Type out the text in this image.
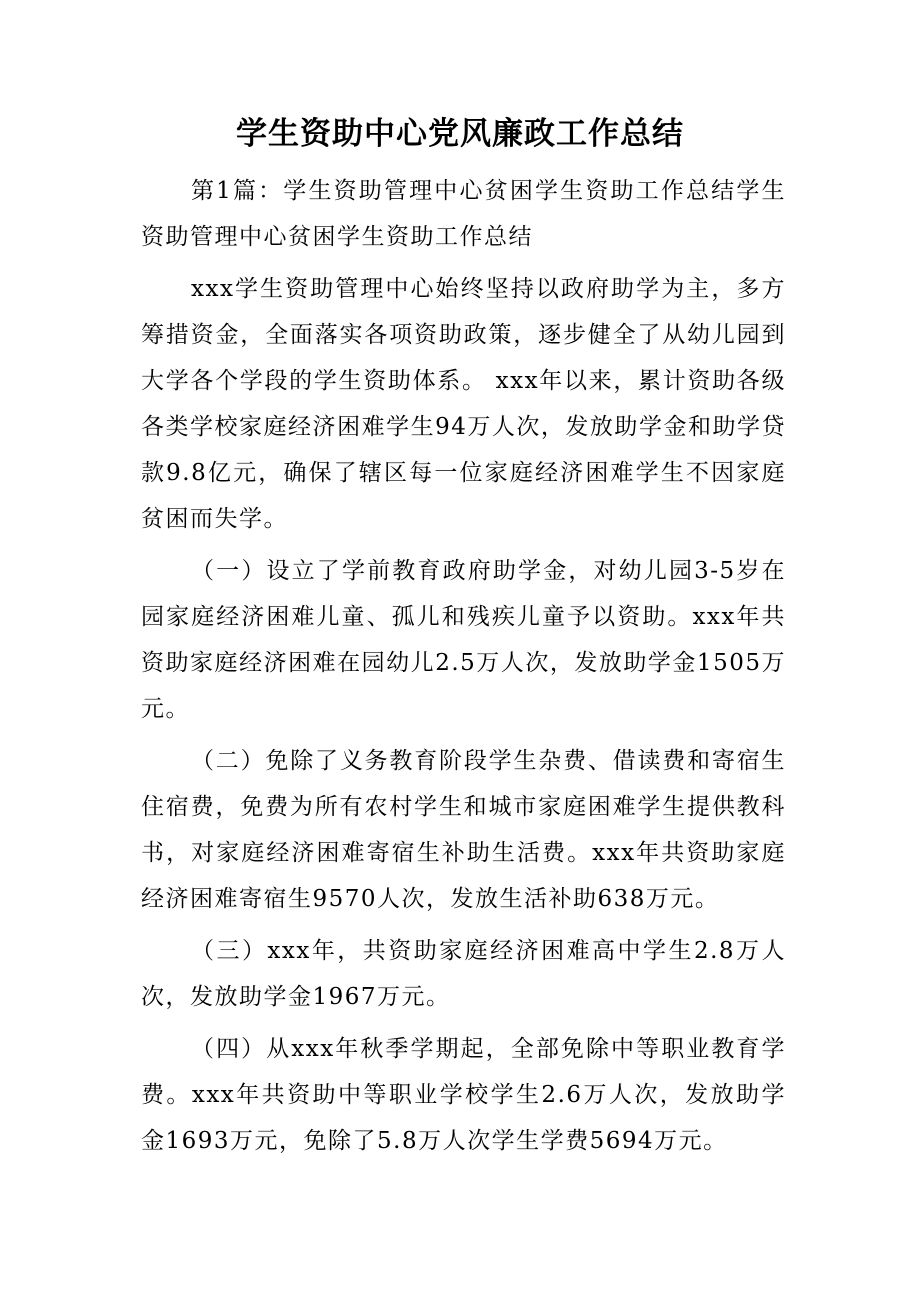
学生资助中心党风廉政工作总结

第1篇：学生资助管理中心贫困学生资助工作总结学生资助管理中心贫困学生资助工作总结

xxx学生资助管理中心始终坚持以政府助学为主，多方筹措资金，全面落实各项资助政策，逐步健全了从幼儿园到大学各个学段的学生资助体系。 xxx年以来，累计资助各级各类学校家庭经济困难学生94万人次，发放助学金和助学贷款9.8亿元，确保了辖区每一位家庭经济困难学生不因家庭贫困而失学。

（一）设立了学前教育政府助学金，对幼儿园3-5岁在园家庭经济困难儿童、孤儿和残疾儿童予以资助。xxx年共资助家庭经济困难在园幼儿2.5万人次，发放助学金1505万元。

（二）免除了义务教育阶段学生杂费、借读费和寄宿生住宿费，免费为所有农村学生和城市家庭困难学生提供教科书，对家庭经济困难寄宿生补助生活费。xxx年共资助家庭经济困难寄宿生9570人次，发放生活补助638万元。

（三）xxx年，共资助家庭经济困难高中学生2.8万人次，发放助学金1967万元。

（四）从xxx年秋季学期起，全部免除中等职业教育学费。xxx年共资助中等职业学校学生2.6万人次，发放助学金1693万元，免除了5.8万人次学生学费5694万元。
